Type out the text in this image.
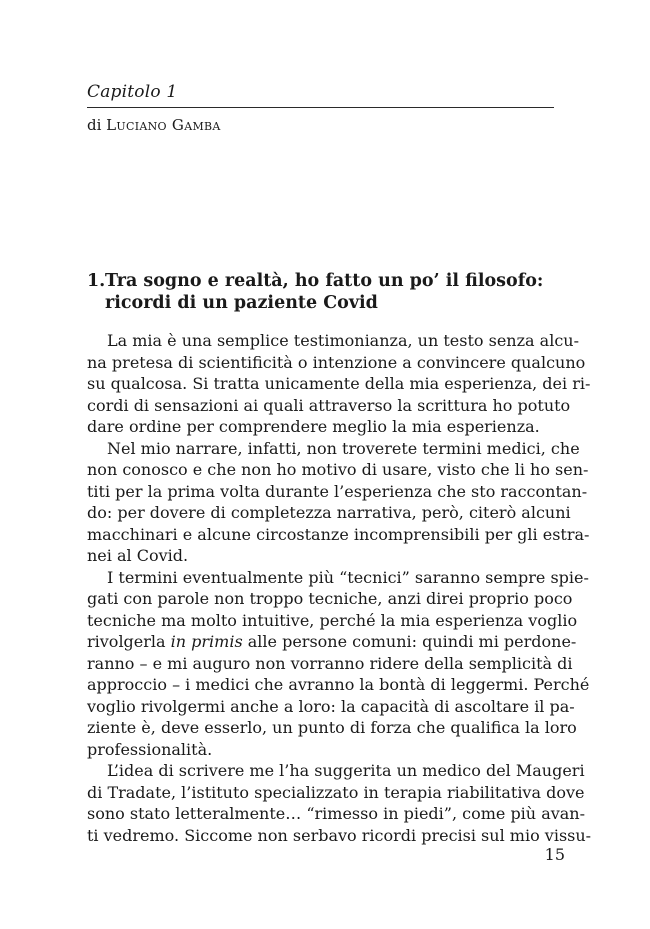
Capitolo 1
di Luciano Gamba
1.Tra sogno e realtà, ho fatto un po’ il filosofo:
ricordi di un paziente Covid
La mia è una semplice testimonianza, un testo senza alcu-
na pretesa di scientificità o intenzione a convincere qualcuno
su qualcosa. Si tratta unicamente della mia esperienza, dei ri-
cordi di sensazioni ai quali attraverso la scrittura ho potuto
dare ordine per comprendere meglio la mia esperienza.
Nel mio narrare, infatti, non troverete termini medici, che
non conosco e che non ho motivo di usare, visto che li ho sen-
titi per la prima volta durante l’esperienza che sto raccontan-
do: per dovere di completezza narrativa, però, citerò alcuni
macchinari e alcune circostanze incomprensibili per gli estra-
nei al Covid.
I termini eventualmente più “tecnici” saranno sempre spie-
gati con parole non troppo tecniche, anzi direi proprio poco
tecniche ma molto intuitive, perché la mia esperienza voglio
rivolgerla in primis alle persone comuni: quindi mi perdone-
ranno – e mi auguro non vorranno ridere della semplicità di
approccio – i medici che avranno la bontà di leggermi. Perché
voglio rivolgermi anche a loro: la capacità di ascoltare il pa-
ziente è, deve esserlo, un punto di forza che qualifica la loro
professionalità.
L’idea di scrivere me l’ha suggerita un medico del Maugeri
di Tradate, l’istituto specializzato in terapia riabilitativa dove
sono stato letteralmente… “rimesso in piedi”, come più avan-
ti vedremo. Siccome non serbavo ricordi precisi sul mio vissu-
15
